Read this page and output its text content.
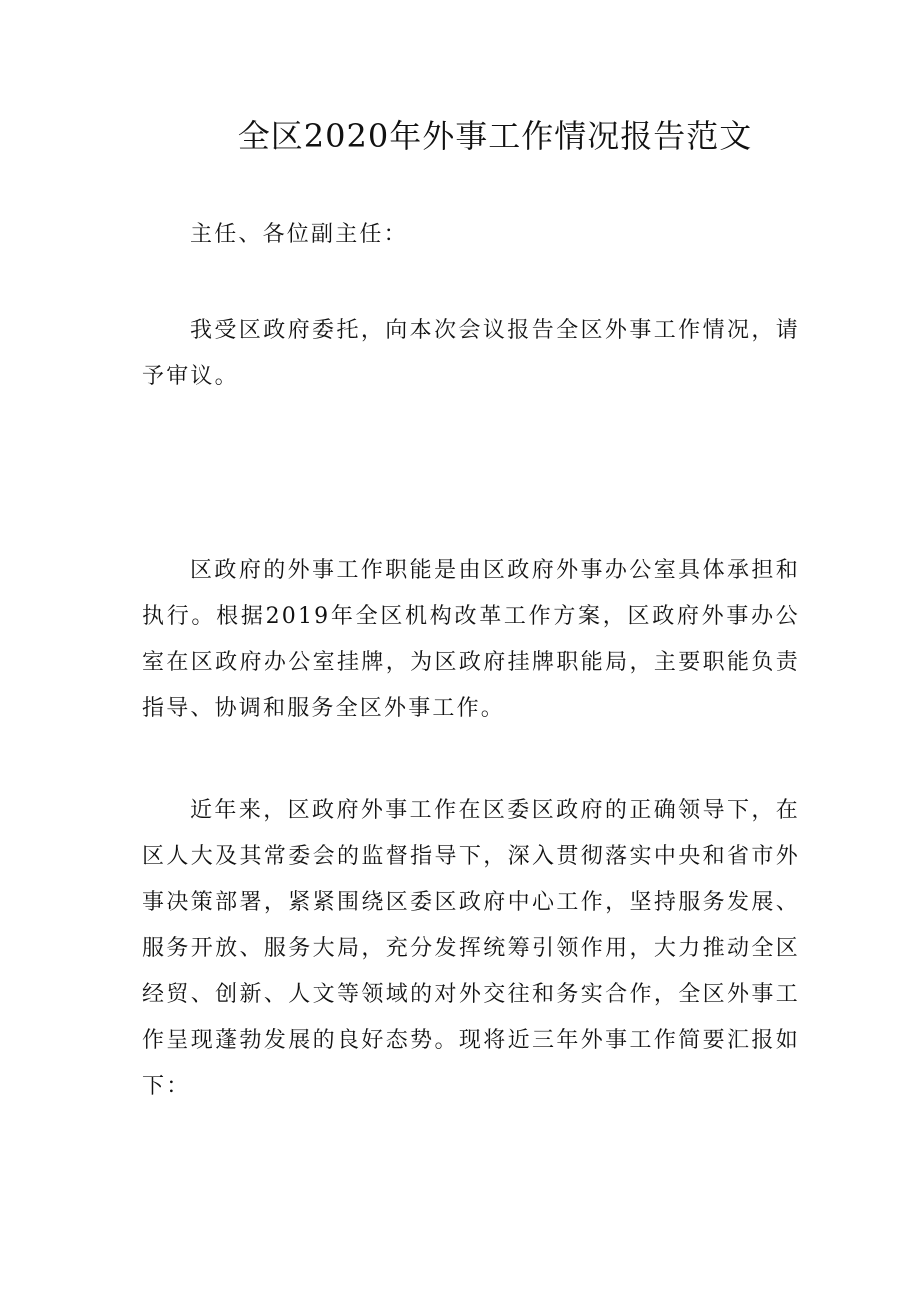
全区2020年外事工作情况报告范文

主任、各位副主任：

我受区政府委托，向本次会议报告全区外事工作情况，请予审议。

区政府的外事工作职能是由区政府外事办公室具体承担和执行。根据2019年全区机构改革工作方案，区政府外事办公室在区政府办公室挂牌，为区政府挂牌职能局，主要职能负责指导、协调和服务全区外事工作。

近年来，区政府外事工作在区委区政府的正确领导下，在区人大及其常委会的监督指导下，深入贯彻落实中央和省市外事决策部署，紧紧围绕区委区政府中心工作，坚持服务发展、服务开放、服务大局，充分发挥统筹引领作用，大力推动全区经贸、创新、人文等领域的对外交往和务实合作，全区外事工作呈现蓬勃发展的良好态势。现将近三年外事工作简要汇报如下：
